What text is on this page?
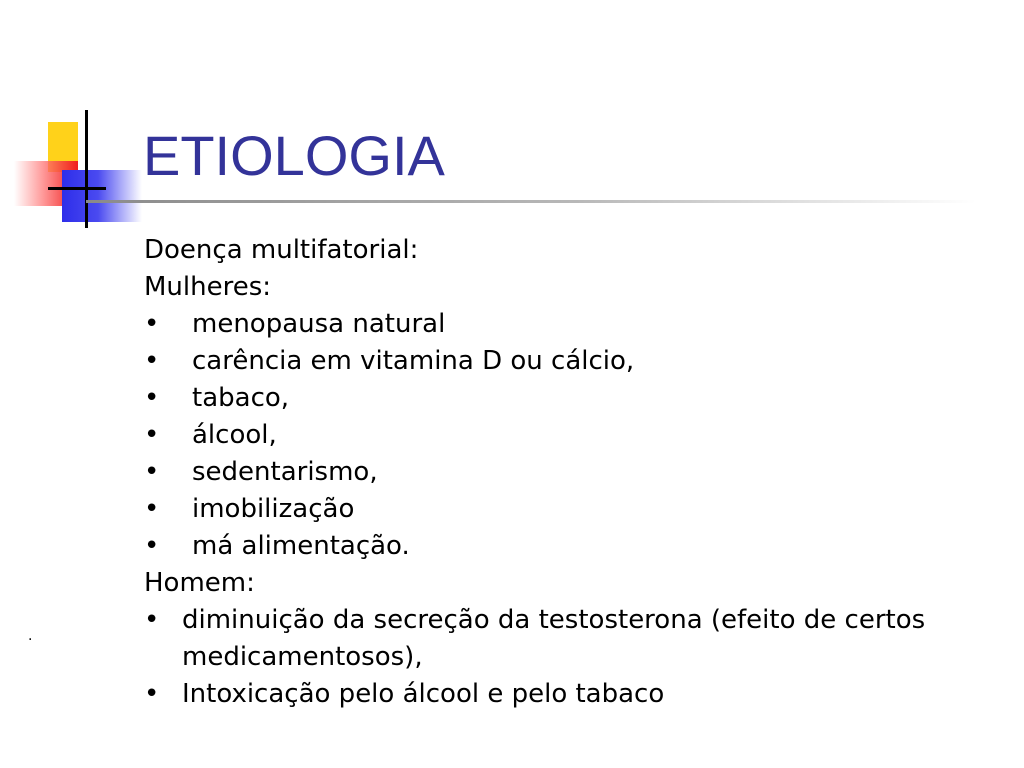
ETIOLOGIA

Doença multifatorial:

Mulheres:

•	menopausa natural
•	carência em vitamina D ou cálcio,
•	tabaco,
•	álcool,
•	sedentarismo,
•	imobilização
•	má alimentação.

Homem:

• diminuição da secreção da testosterona (efeito de certos medicamentosos),
• Intoxicação pelo álcool e pelo tabaco
.
